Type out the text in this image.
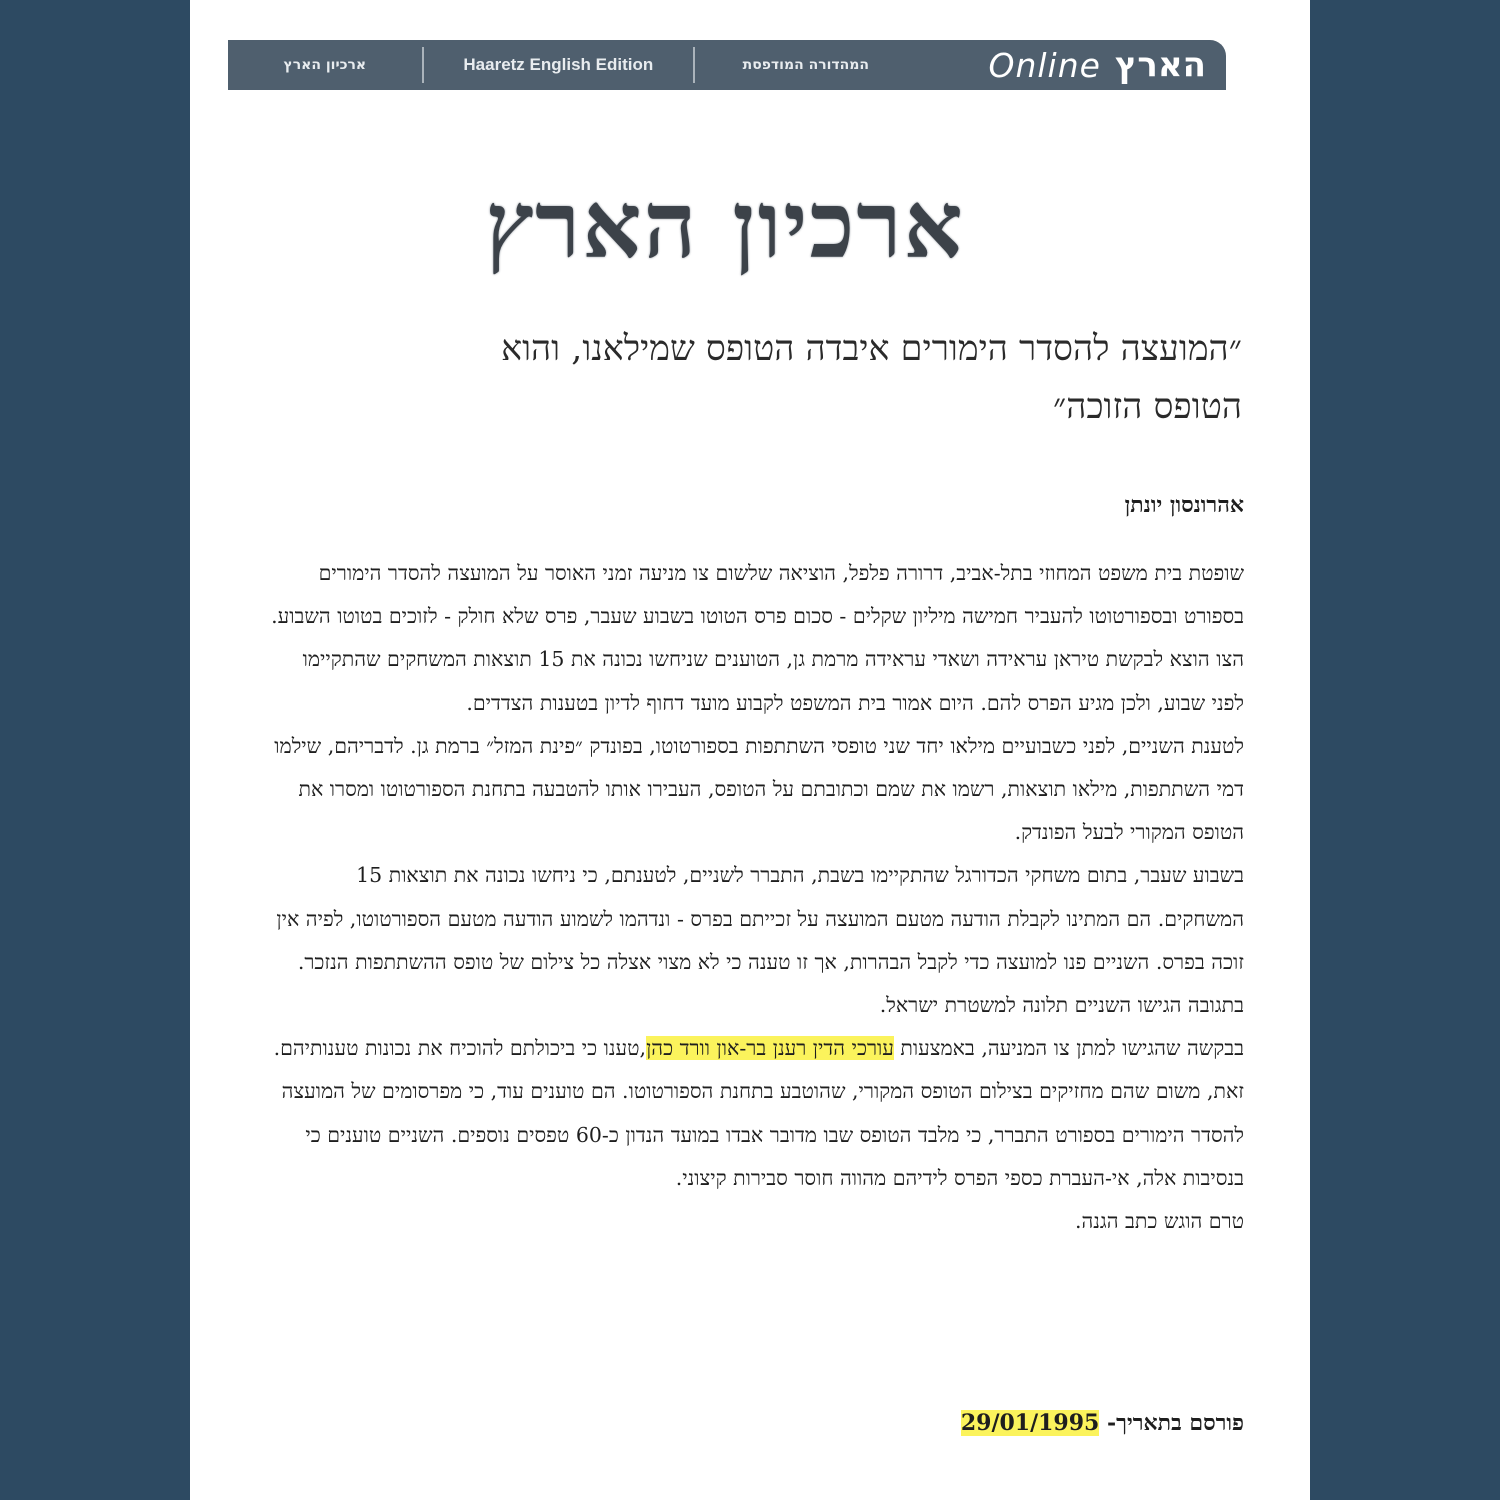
הארץ
Online
המהדורה המודפסת
Haaretz English Edition
ארכיון הארץ
ארכיון הארץ
״המועצה להסדר הימורים איבדה הטופס שמילאנו, והוא
הטופס הזוכה״
אהרונסון יונתן

שופטת בית משפט המחוזי בתל-אביב, דרורה פלפל, הוציאה שלשום צו מניעה זמני האוסר על המועצה להסדר הימורים בספורט ובספורטוטו להעביר חמישה מיליון שקלים - סכום פרס הטוטו בשבוע שעבר, פרס שלא חולק - לזוכים בטוטו השבוע.

הצו הוצא לבקשת טיראן עראידה ושאדי עראידה מרמת גן, הטוענים שניחשו נכונה את 15 תוצאות המשחקים שהתקיימו לפני שבוע, ולכן מגיע הפרס להם. היום אמור בית המשפט לקבוע מועד דחוף לדיון בטענות הצדדים.

לטענת השניים, לפני כשבועיים מילאו יחד שני טופסי השתתפות בספורטוטו, בפונדק ״פינת המזל״ ברמת גן. לדבריהם, שילמו דמי השתתפות, מילאו תוצאות, רשמו את שמם וכתובתם על הטופס, העבירו אותו להטבעה בתחנת הספורטוטו ומסרו את הטופס המקורי לבעל הפונדק.

בשבוע שעבר, בתום משחקי הכדורגל שהתקיימו בשבת, התברר לשניים, לטענתם, כי ניחשו נכונה את תוצאות 15 המשחקים. הם המתינו לקבלת הודעה מטעם המועצה על זכייתם בפרס - ונדהמו לשמוע הודעה מטעם הספורטוטו, לפיה אין זוכה בפרס. השניים פנו למועצה כדי לקבל הבהרות, אך זו טענה כי לא מצוי אצלה כל צילום של טופס ההשתתפות הנזכר. בתגובה הגישו השניים תלונה למשטרת ישראל.

בבקשה שהגישו למתן צו המניעה, באמצעות עורכי הדין רענן בר-און וורד כהן,טענו כי ביכולתם להוכיח את נכונות טענותיהם. זאת, משום שהם מחזיקים בצילום הטופס המקורי, שהוטבע בתחנת הספורטוטו. הם טוענים עוד, כי מפרסומים של המועצה להסדר הימורים בספורט התברר, כי מלבד הטופס שבו מדובר אבדו במועד הנדון כ-60 טפסים נוספים. השניים טוענים כי בנסיבות אלה, אי-העברת כספי הפרס לידיהם מהווה חוסר סבירות קיצוני.

טרם הוגש כתב הגנה.

פורסם בתאריך- 29/01/1995
